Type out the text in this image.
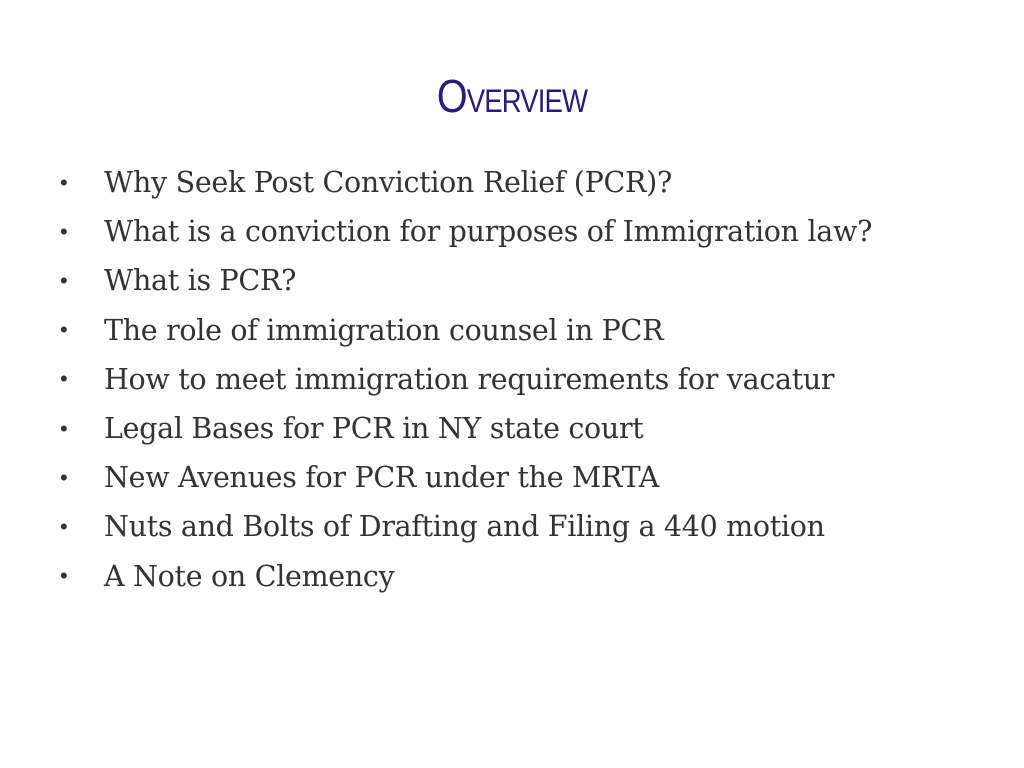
Overview
•	Why Seek Post Conviction Relief (PCR)?
•	What is a conviction for purposes of Immigration law?
•	What is PCR?
•	The role of immigration counsel in PCR
•	How to meet immigration requirements for vacatur
•	Legal Bases for PCR in NY state court
•	New Avenues for PCR under the MRTA
•	Nuts and Bolts of Drafting and Filing a 440 motion
•	A Note on Clemency
